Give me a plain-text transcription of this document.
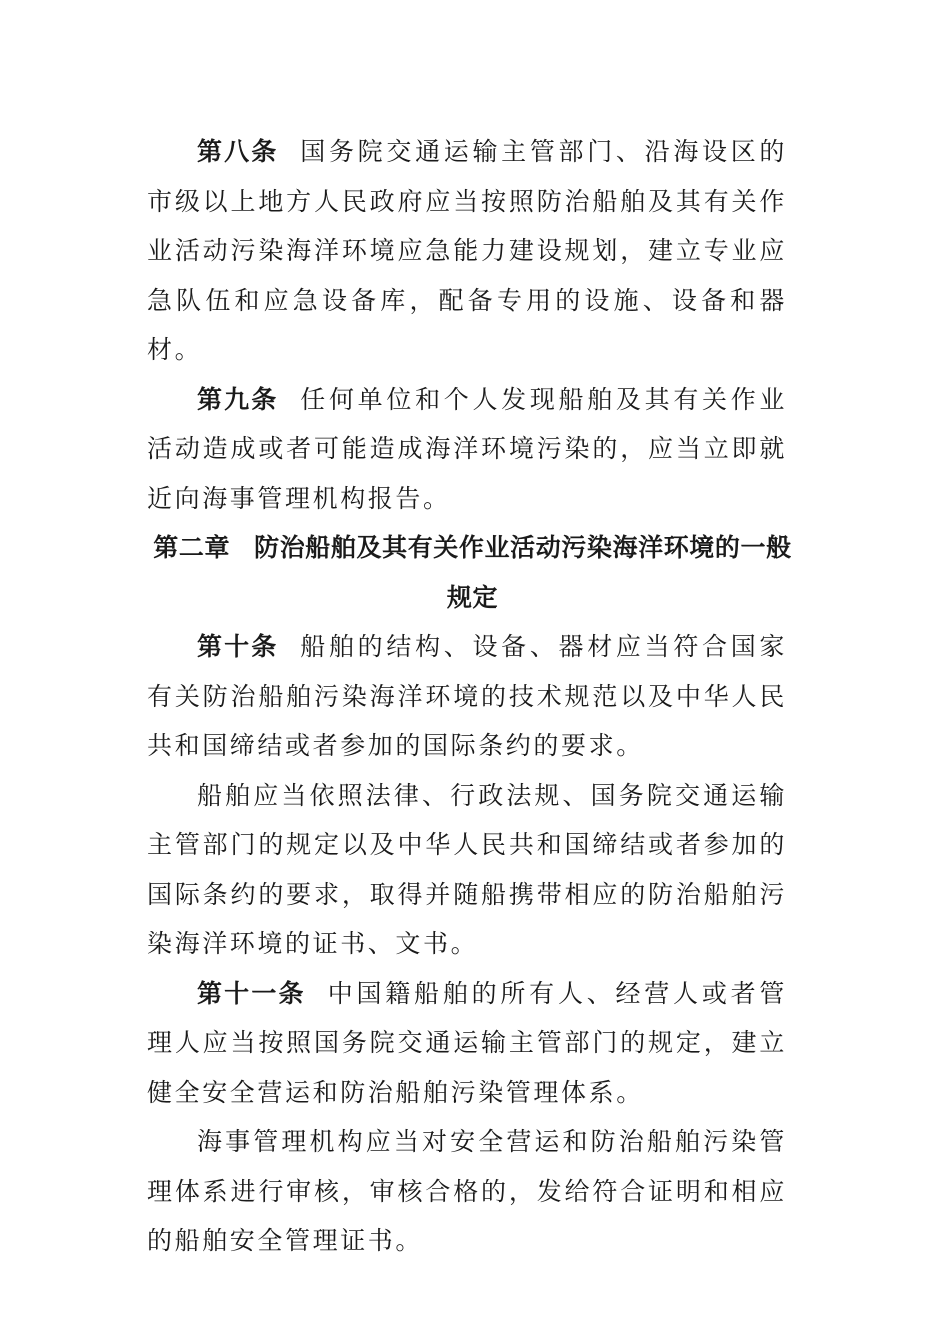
第八条 国务院交通运输主管部门、沿海设区的市级以上地方人民政府应当按照防治船舶及其有关作业活动污染海洋环境应急能力建设规划，建立专业应急队伍和应急设备库，配备专用的设施、设备和器材。

第九条 任何单位和个人发现船舶及其有关作业活动造成或者可能造成海洋环境污染的，应当立即就近向海事管理机构报告。

第二章 防治船舶及其有关作业活动污染海洋环境的一般
规定

第十条 船舶的结构、设备、器材应当符合国家有关防治船舶污染海洋环境的技术规范以及中华人民共和国缔结或者参加的国际条约的要求。

船舶应当依照法律、行政法规、国务院交通运输主管部门的规定以及中华人民共和国缔结或者参加的国际条约的要求，取得并随船携带相应的防治船舶污染海洋环境的证书、文书。

第十一条 中国籍船舶的所有人、经营人或者管理人应当按照国务院交通运输主管部门的规定，建立健全安全营运和防治船舶污染管理体系。

海事管理机构应当对安全营运和防治船舶污染管理体系进行审核，审核合格的，发给符合证明和相应的船舶安全管理证书。
